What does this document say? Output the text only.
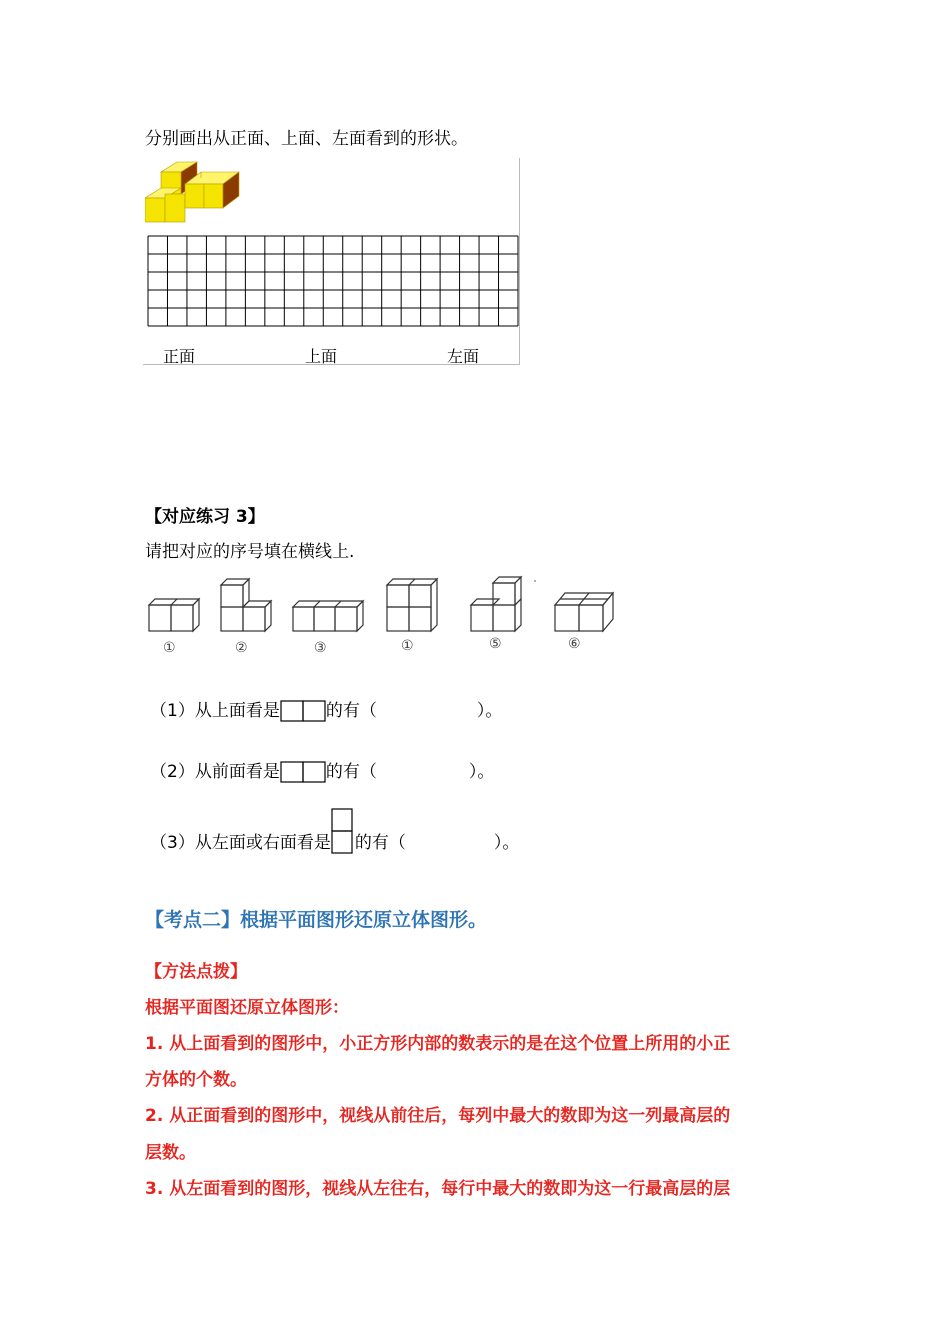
分别画出从正面、上面、左面看到的形状。
正面	上面	左面
【对应练习 3】
请把对应的序号填在横线上.
①	②	③	①	⑤	⑥
（1）从上面看是	的有（	）。
（2）从前面看是	的有（	）。
（3）从左面或右面看是 的有（	）。
【考点二】根据平面图形还原立体图形。
【方法点拨】
根据平面图还原立体图形：
1. 从上面看到的图形中，小正方形内部的数表示的是在这个位置上所用的小正
方体的个数。
2. 从正面看到的图形中，视线从前往后，每列中最大的数即为这一列最高层的
层数。
3. 从左面看到的图形，视线从左往右，每行中最大的数即为这一行最高层的层
